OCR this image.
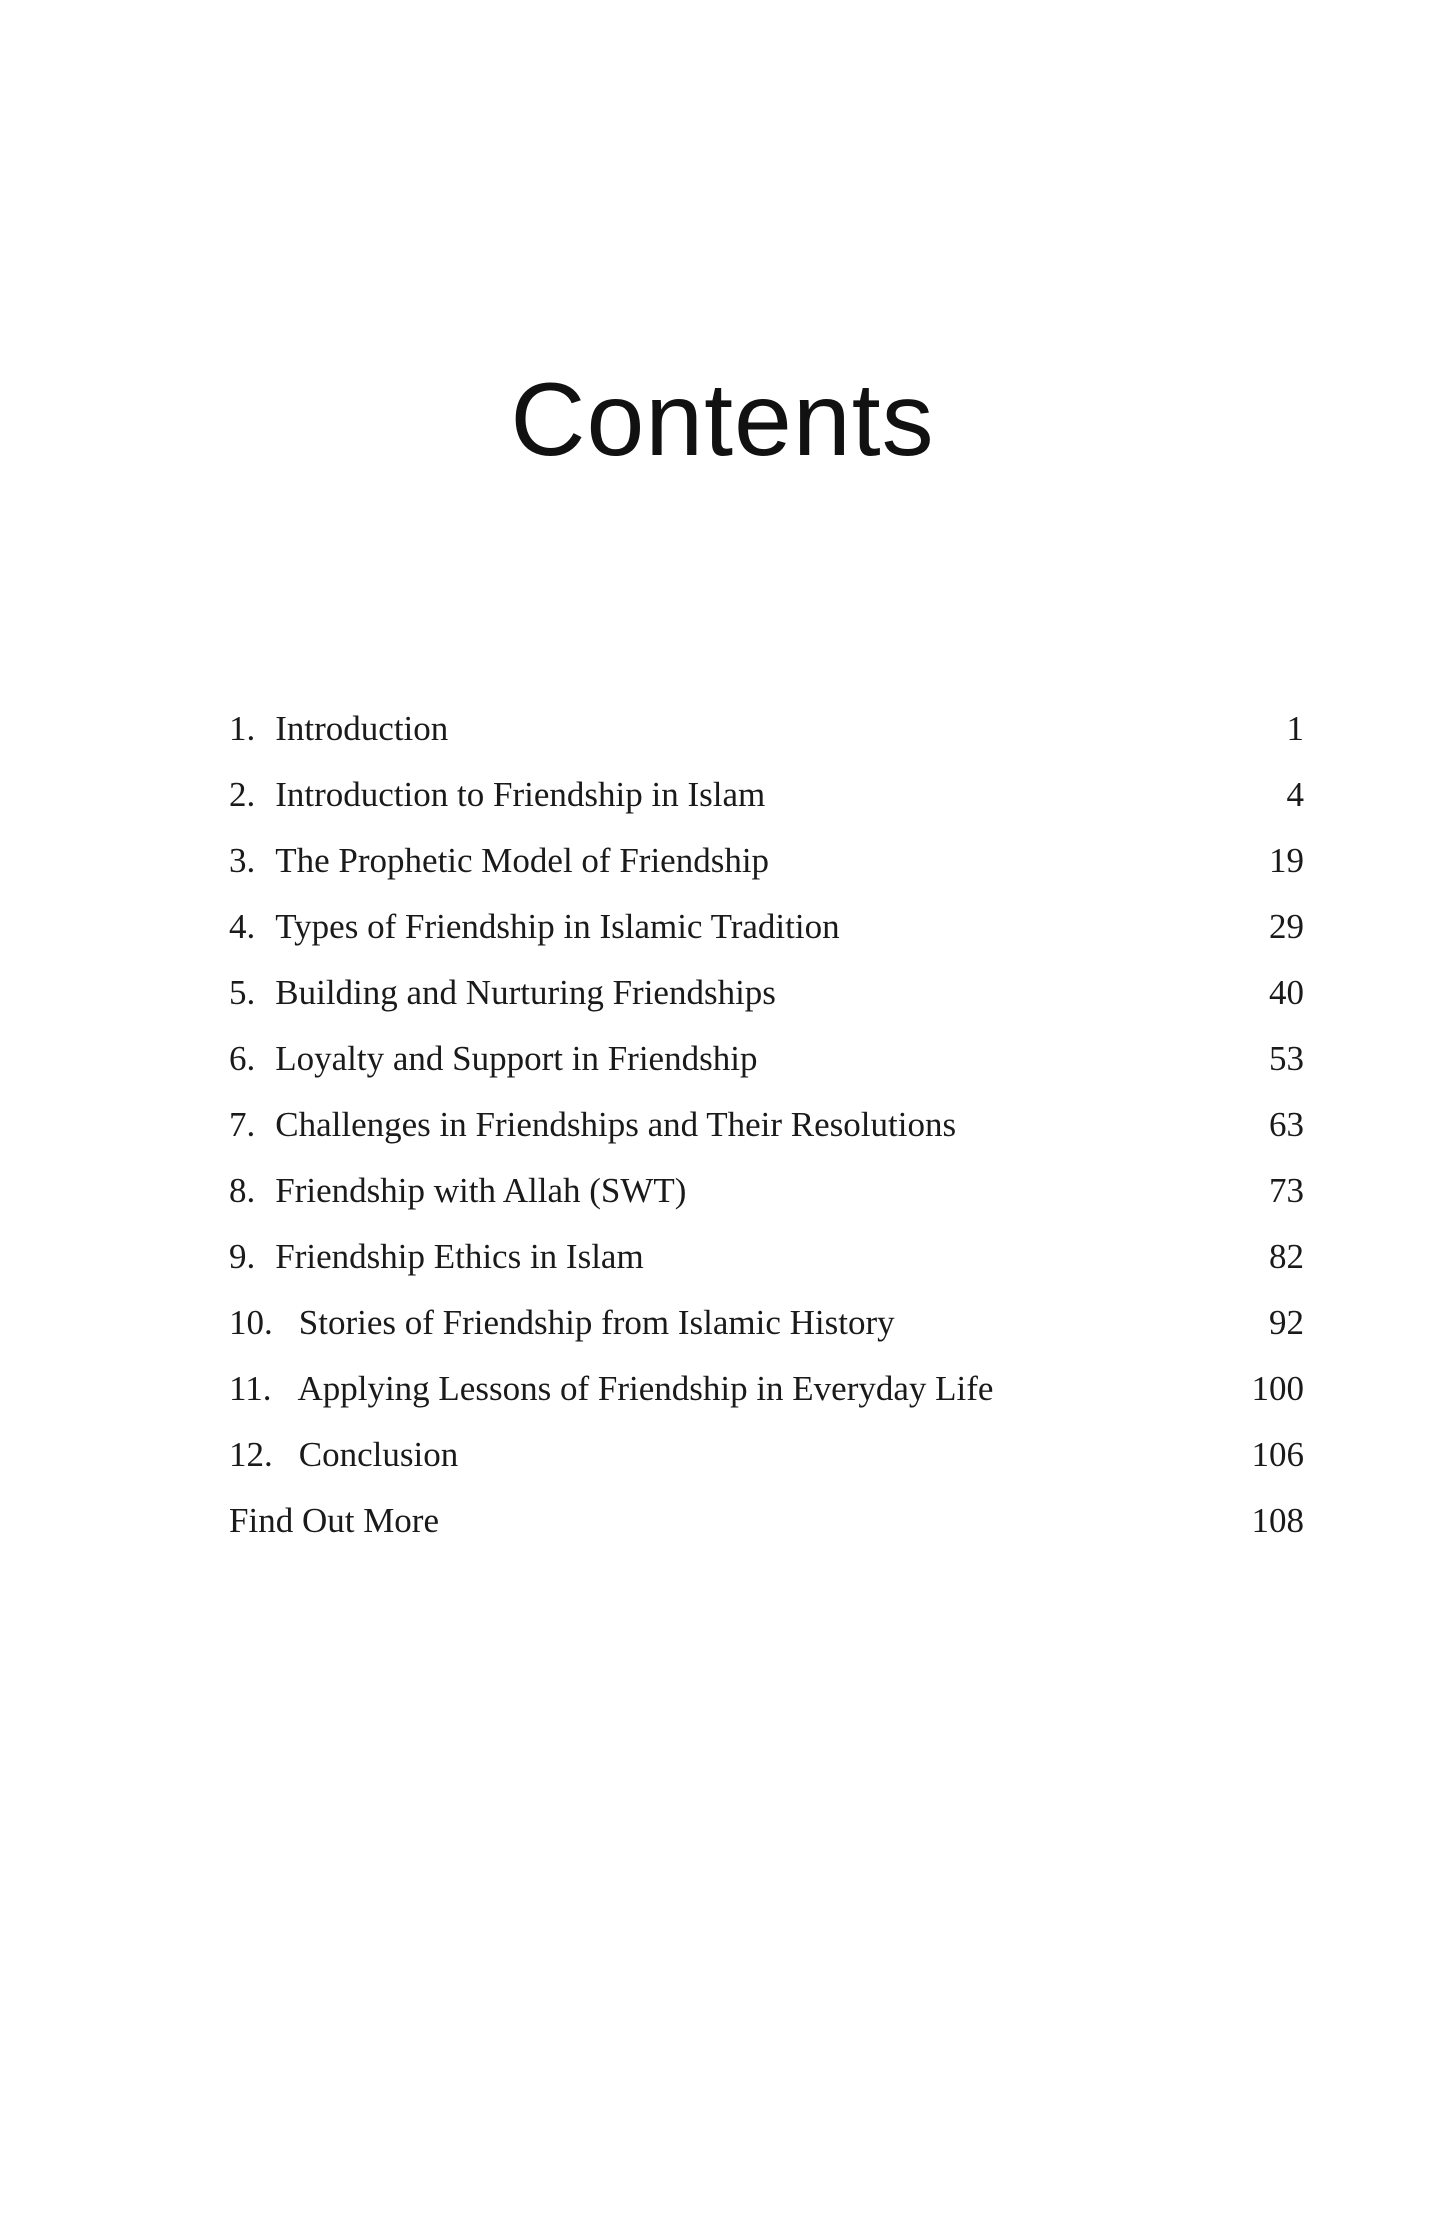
Contents
1. Introduction	1
2. Introduction to Friendship in Islam	4
3. The Prophetic Model of Friendship	19
4. Types of Friendship in Islamic Tradition	29
5. Building and Nurturing Friendships	40
6. Loyalty and Support in Friendship	53
7. Challenges in Friendships and Their Resolutions	63
8. Friendship with Allah (SWT)	73
9. Friendship Ethics in Islam	82
10. Stories of Friendship from Islamic History	92
11. Applying Lessons of Friendship in Everyday Life	100
12. Conclusion	106
Find Out More	108
